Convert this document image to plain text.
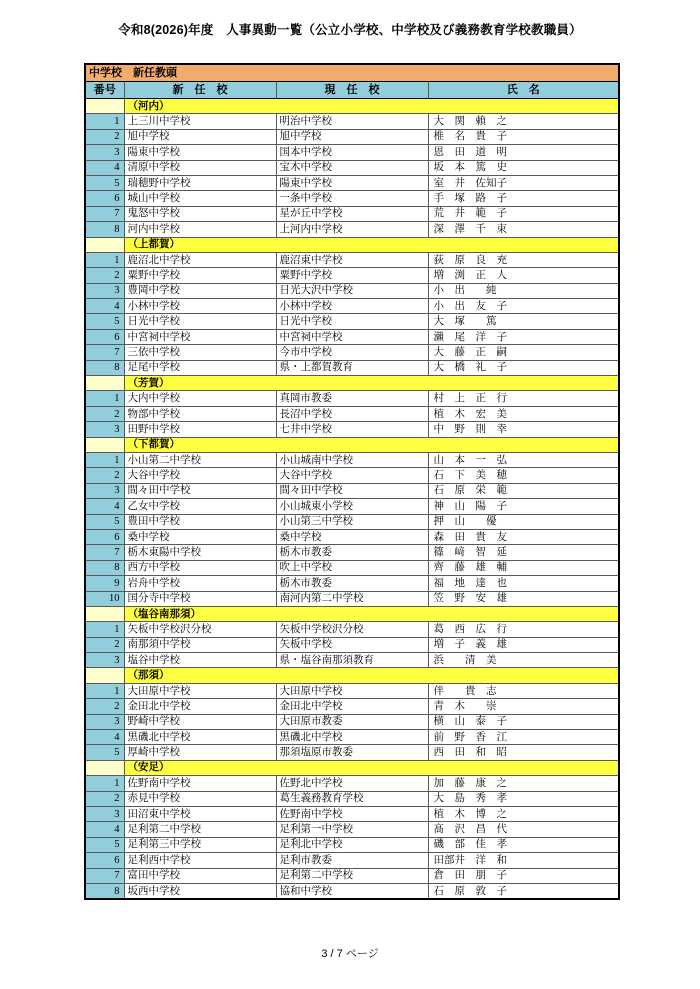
令和8(2026)年度　人事異動一覧（公立小学校、中学校及び義務教育学校教職員）
中学校　新任教頭			
番号	新　任　校	現　任　校	氏　名
	（河内）		
1	上三川中学校	明治中学校	大　関　賴　之
2	旭中学校	旭中学校	椎　名　貴　子
3	陽東中学校	国本中学校	恩　田　道　明
4	清原中学校	宝木中学校	坂　本　篤　史
5	瑞穂野中学校	陽東中学校	室　井　佐知子
6	城山中学校	一条中学校	手　塚　路　子
7	鬼怒中学校	星が丘中学校	荒　井　範　子
8	河内中学校	上河内中学校	深　澤　千　束
	（上都賀）		
1	鹿沼北中学校	鹿沼東中学校	荻　原　良　充
2	粟野中学校	粟野中学校	増　渕　正　人
3	豊岡中学校	日光大沢中学校	小　出　　純
4	小林中学校	小林中学校	小　出　友　子
5	日光中学校	日光中学校	大　塚　　篤
6	中宮祠中学校	中宮祠中学校	瀨　尾　洋　子
7	三依中学校	今市中学校	大　藤　正　嗣
8	足尾中学校	県・上都賀教育	大　橋　礼　子
	（芳賀）		
1	大内中学校	真岡市教委	村　上　正　行
2	物部中学校	長沼中学校	植　木　宏　美
3	田野中学校	七井中学校	中　野　則　幸
	（下都賀）		
1	小山第二中学校	小山城南中学校	山　本　一　弘
2	大谷中学校	大谷中学校	石　下　美　穂
3	間々田中学校	間々田中学校	石　原　栄　範
4	乙女中学校	小山城東小学校	神　山　陽　子
5	豊田中学校	小山第三中学校	押　山　　優
6	桑中学校	桑中学校	森　田　貴　友
7	栃木東陽中学校	栃木市教委	篠　﨑　智　延
8	西方中学校	吹上中学校	齊　藤　雄　輔
9	岩舟中学校	栃木市教委	福　地　達　也
10	国分寺中学校	南河内第二中学校	笠　野　安　雄
	（塩谷南那須）		
1	矢板中学校沢分校	矢板中学校沢分校	葛　西　広　行
2	南那須中学校	矢板中学校	増　子　義　雄
3	塩谷中学校	県・塩谷南那須教育	浜　　清　美
	（那須）		
1	大田原中学校	大田原中学校	伴　　貴　志
2	金田北中学校	金田北中学校	青　木　　崇
3	野崎中学校	大田原市教委	横　山　泰　子
4	黒磯北中学校	黒磯北中学校	前　野　香　江
5	厚崎中学校	那須塩原市教委	西　田　和　昭
	（安足）		
1	佐野南中学校	佐野北中学校	加　藤　康　之
2	赤見中学校	葛生義務教育学校	大　島　秀　孝
3	田沼東中学校	佐野南中学校	植　木　博　之
4	足利第二中学校	足利第一中学校	髙　沢　昌　代
5	足利第三中学校	足利北中学校	磯　部　佳　孝
6	足利西中学校	足利市教委	田部井　洋　和
7	富田中学校	足利第二中学校	倉　田　朋　子
8	坂西中学校	協和中学校	石　原　敦　子
3 / 7 ページ
